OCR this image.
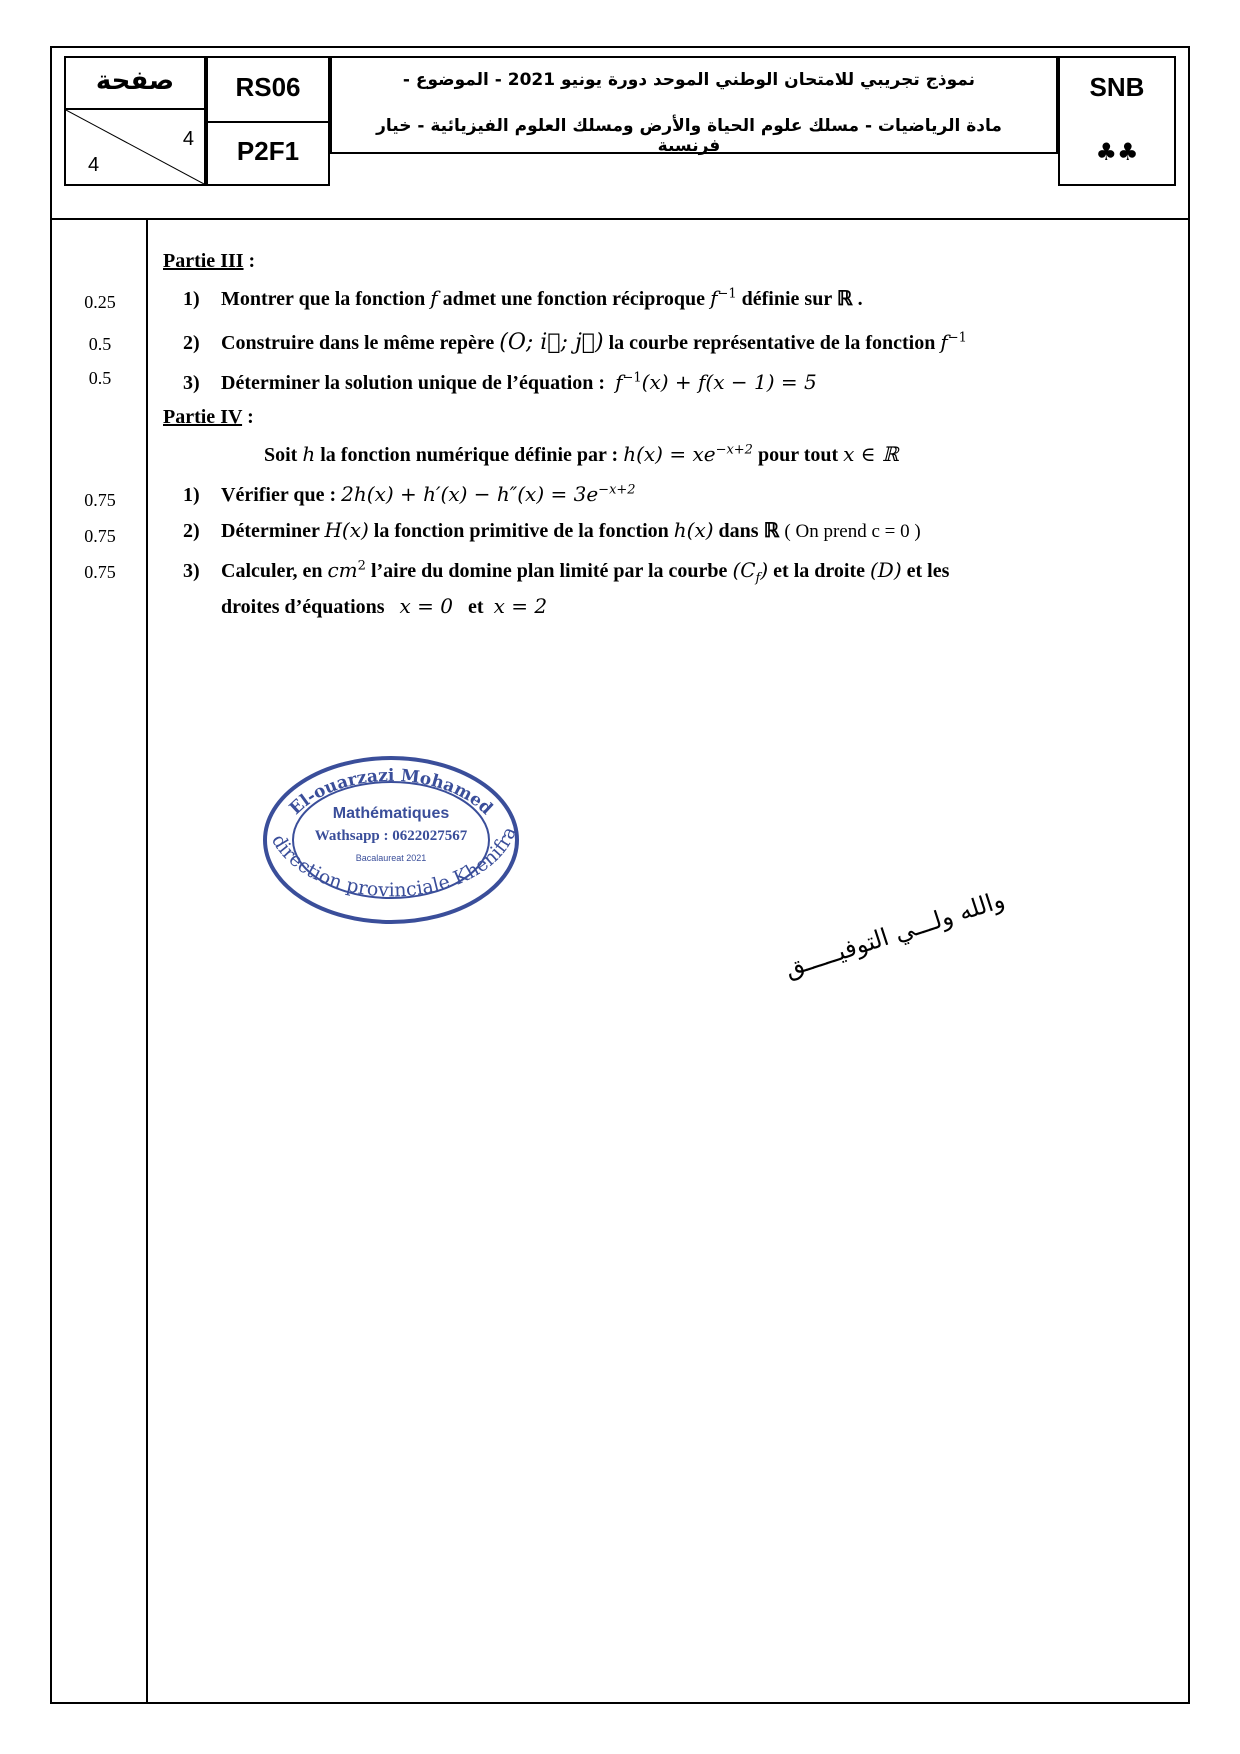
صفحة
4
4
RS06
P2F1
نموذج تجريبي للامتحان الوطني الموحد دورة يونيو 2021 - الموضوع -
مادة الرياضيات - مسلك علوم الحياة والأرض ومسلك العلوم الفيزيائية - خيار فرنسية
SNB
♣♣
0.25
0.5
0.5
0.75
0.75
0.75
Partie III :
1) Montrer que la fonction f admet une fonction réciproque $f^{-1}$ définie sur ℝ .
2) Construire dans le même repère (O; i⃗; j⃗) la courbe représentative de la fonction $f^{-1}$
3) Déterminer la solution unique de l’équation : $f^{-1}(x) + f(x - 1) = 5$
Partie IV :
Soit h la fonction numérique définie par : $h(x) = xe^{-x+2}$ pour tout x ∈ ℝ
1) Vérifier que : $2h(x) + h'(x) - h''(x) = 3e^{-x+2}$
2) Déterminer H(x) la fonction primitive de la fonction h(x) dans ℝ ( On prend c = 0 )
3) Calculer, en $cm^2$ l’aire du domine plan limité par la courbe $(C_f)$ et la droite (D) et les
droites d’équations x = 0 et x = 2
El-ouarzazi Mohamed
direction provinciale Khenifra
Mathématiques
Wathsapp : 0622027567
Bacalaureat 2021
والله ولـــي التوفيـــــق
